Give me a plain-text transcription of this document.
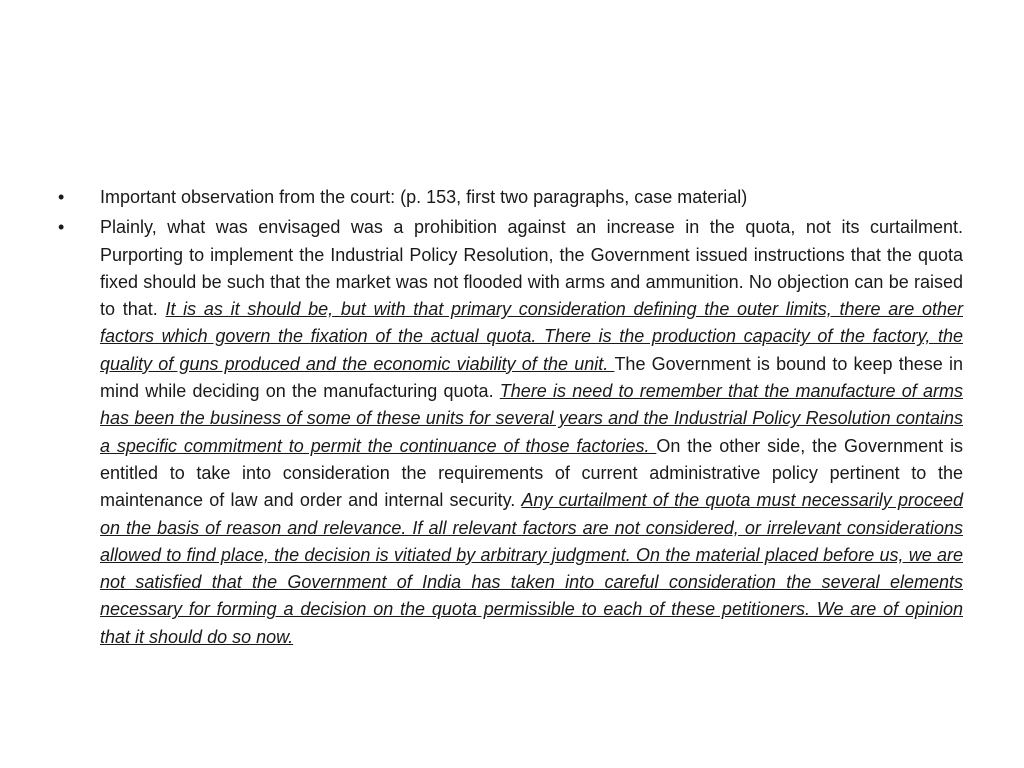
•	Important observation from the court: (p. 153, first two paragraphs, case material)
•	Plainly, what was envisaged was a prohibition against an increase in the quota, not its curtailment. Purporting to implement the Industrial Policy Resolution, the Government issued instructions that the quota fixed should be such that the market was not flooded with arms and ammunition. No objection can be raised to that. It is as it should be, but with that primary consideration defining the outer limits, there are other factors which govern the fixation of the actual quota. There is the production capacity of the factory, the quality of guns produced and the economic viability of the unit. The Government is bound to keep these in mind while deciding on the manufacturing quota. There is need to remember that the manufacture of arms has been the business of some of these units for several years and the Industrial Policy Resolution contains a specific commitment to permit the continuance of those factories. On the other side, the Government is entitled to take into consideration the requirements of current administrative policy pertinent to the maintenance of law and order and internal security. Any curtailment of the quota must necessarily proceed on the basis of reason and relevance. If all relevant factors are not considered, or irrelevant considerations allowed to find place, the decision is vitiated by arbitrary judgment. On the material placed before us, we are not satisfied that the Government of India has taken into careful consideration the several elements necessary for forming a decision on the quota permissible to each of these petitioners. We are of opinion that it should do so now.
